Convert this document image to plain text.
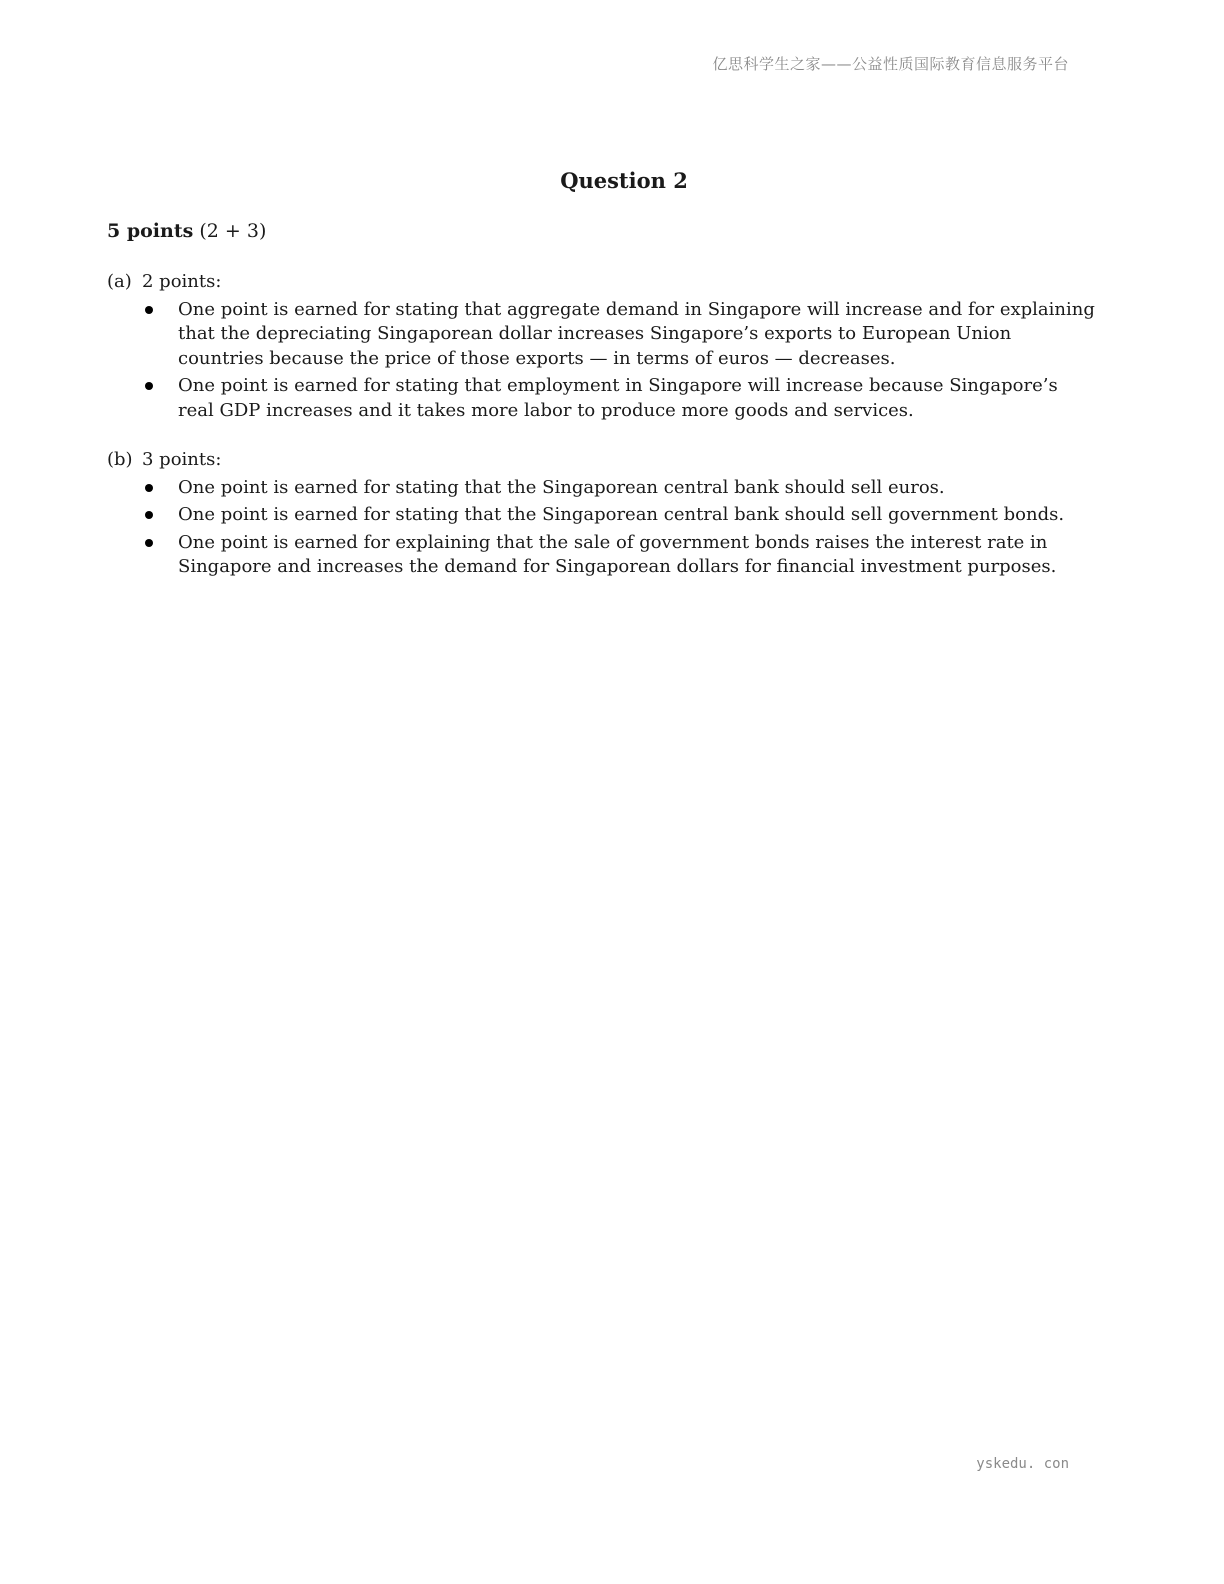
亿思科学生之家——公益性质国际教育信息服务平台
Question 2
5 points (2 + 3)
(a) 2 points:
One point is earned for stating that aggregate demand in Singapore will increase and for explaining that the depreciating Singaporean dollar increases Singapore’s exports to European Union countries because the price of those exports — in terms of euros — decreases.
One point is earned for stating that employment in Singapore will increase because Singapore’s real GDP increases and it takes more labor to produce more goods and services.
(b) 3 points:
One point is earned for stating that the Singaporean central bank should sell euros.
One point is earned for stating that the Singaporean central bank should sell government bonds.
One point is earned for explaining that the sale of government bonds raises the interest rate in Singapore and increases the demand for Singaporean dollars for financial investment purposes.
yskedu. con
